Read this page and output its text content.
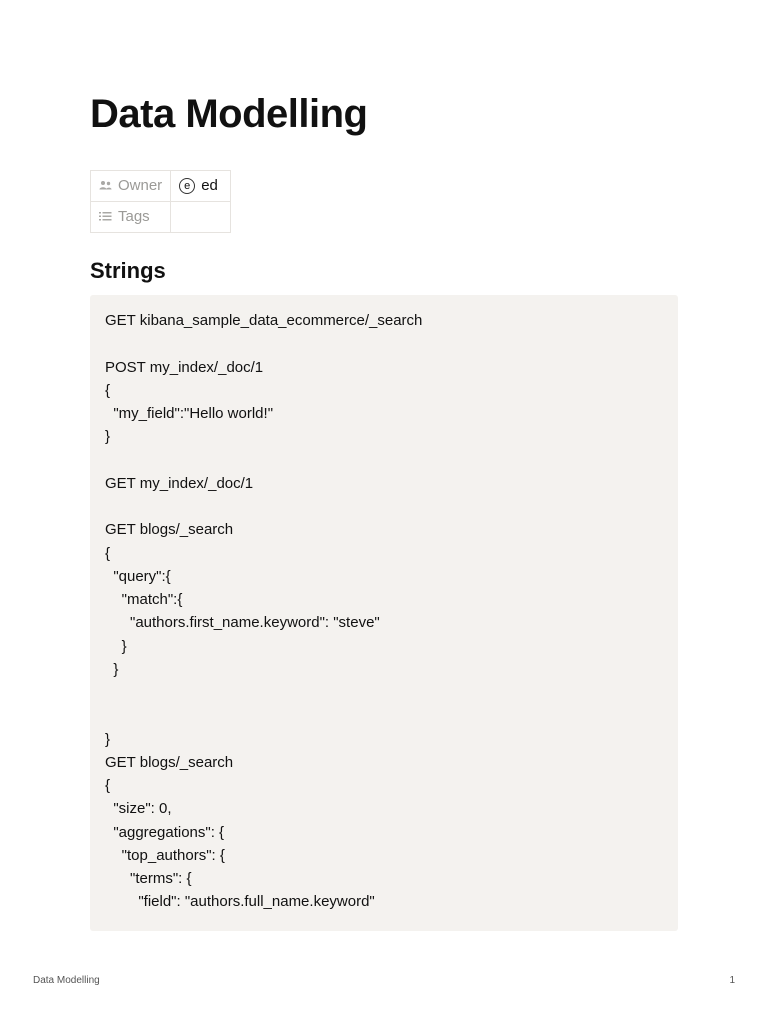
Data Modelling
Owner	e ed
Tags	
Strings
GET kibana_sample_data_ecommerce/_search

POST my_index/_doc/1
{
"my_field":"Hello world!"
}

GET my_index/_doc/1

GET blogs/_search
{
"query":{
"match":{
"authors.first_name.keyword": "steve"
}
}

}
GET blogs/_search
{
"size": 0,
"aggregations": {
"top_authors": {
"terms": {
"field": "authors.full_name.keyword"
Data Modelling	1
